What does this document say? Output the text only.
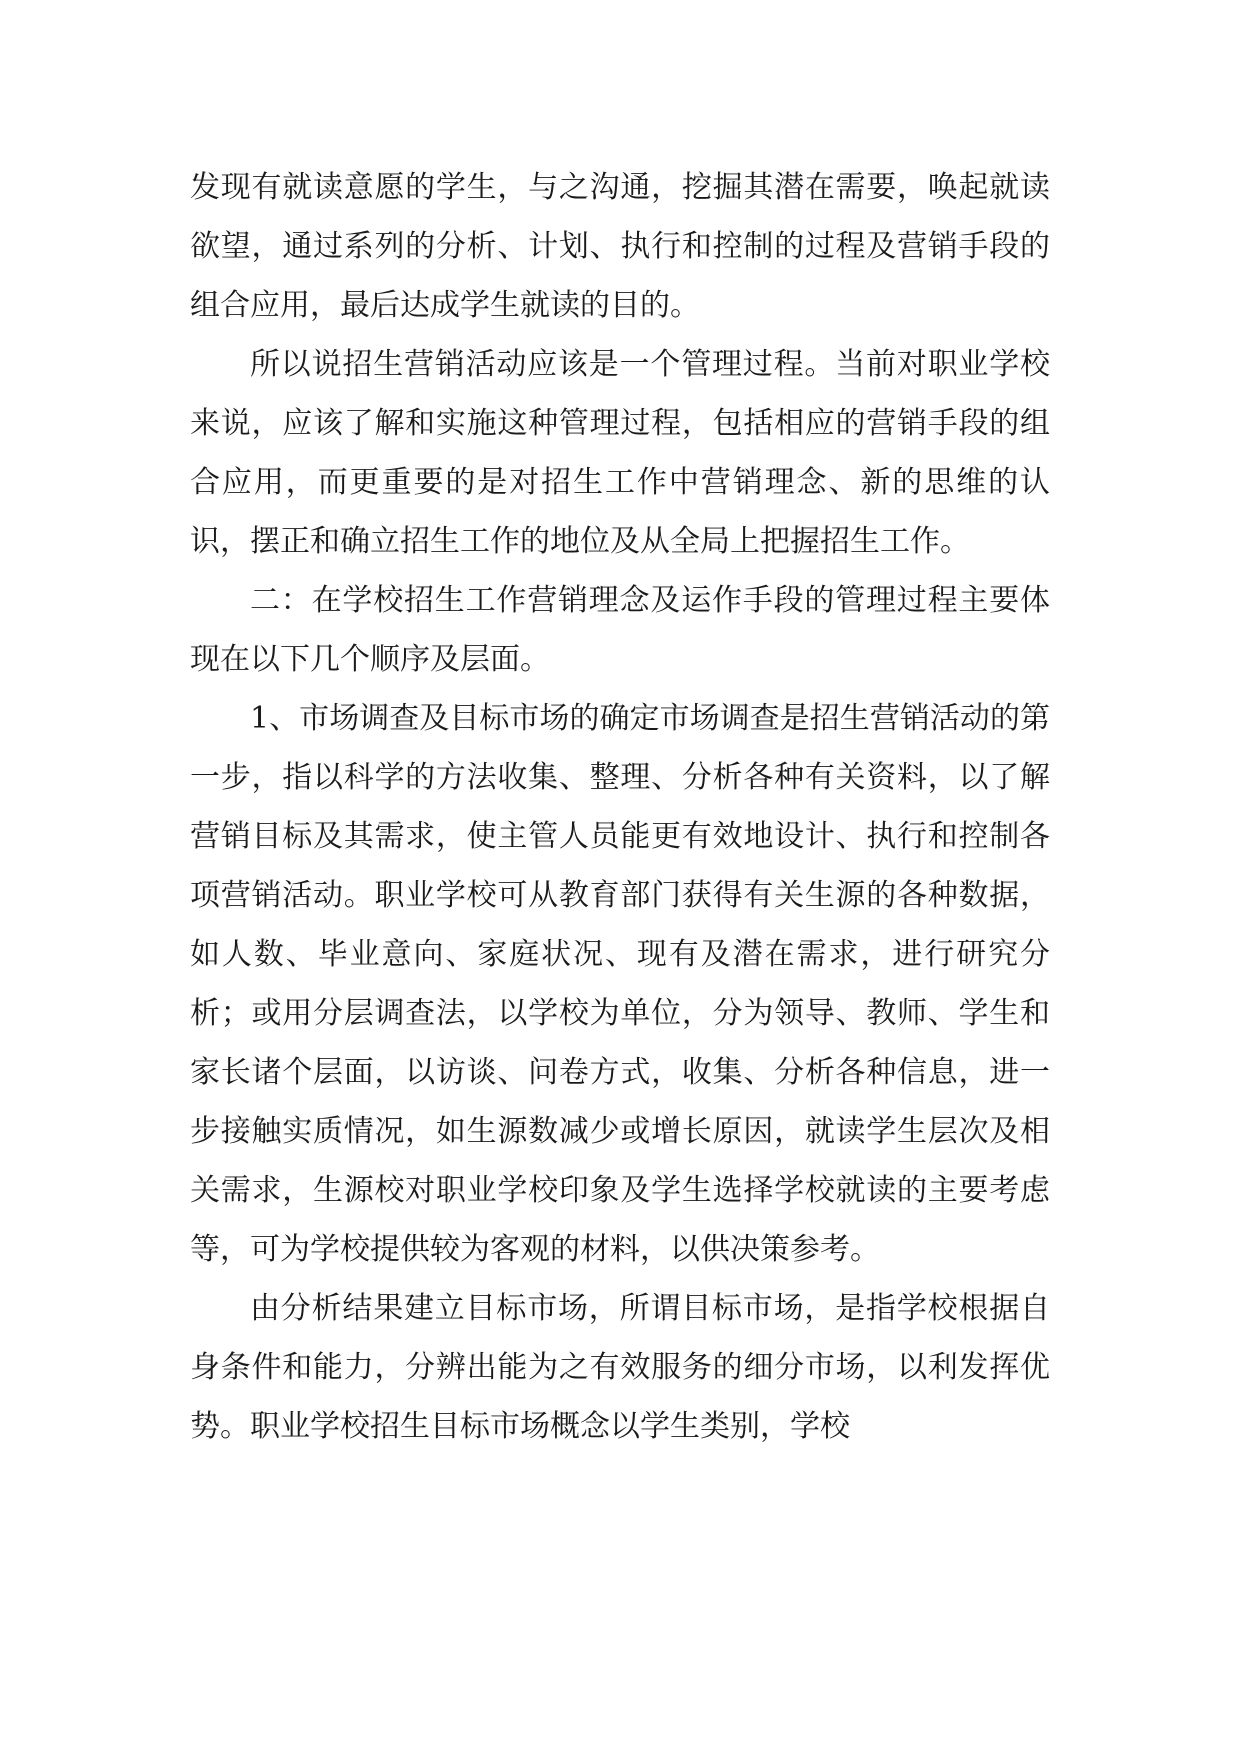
发现有就读意愿的学生，与之沟通，挖掘其潜在需要，唤起就读欲望，通过系列的分析、计划、执行和控制的过程及营销手段的组合应用，最后达成学生就读的目的。

所以说招生营销活动应该是一个管理过程。当前对职业学校来说，应该了解和实施这种管理过程，包括相应的营销手段的组合应用，而更重要的是对招生工作中营销理念、新的思维的认识，摆正和确立招生工作的地位及从全局上把握招生工作。

二：在学校招生工作营销理念及运作手段的管理过程主要体现在以下几个顺序及层面。

1、市场调查及目标市场的确定市场调查是招生营销活动的第一步，指以科学的方法收集、整理、分析各种有关资料，以了解营销目标及其需求，使主管人员能更有效地设计、执行和控制各项营销活动。职业学校可从教育部门获得有关生源的各种数据，如人数、毕业意向、家庭状况、现有及潜在需求，进行研究分析；或用分层调查法，以学校为单位，分为领导、教师、学生和家长诸个层面，以访谈、问卷方式，收集、分析各种信息，进一步接触实质情况，如生源数减少或增长原因，就读学生层次及相关需求，生源校对职业学校印象及学生选择学校就读的主要考虑等，可为学校提供较为客观的材料，以供决策参考。

由分析结果建立目标市场，所谓目标市场，是指学校根据自身条件和能力，分辨出能为之有效服务的细分市场，以利发挥优势。职业学校招生目标市场概念以学生类别，学校
